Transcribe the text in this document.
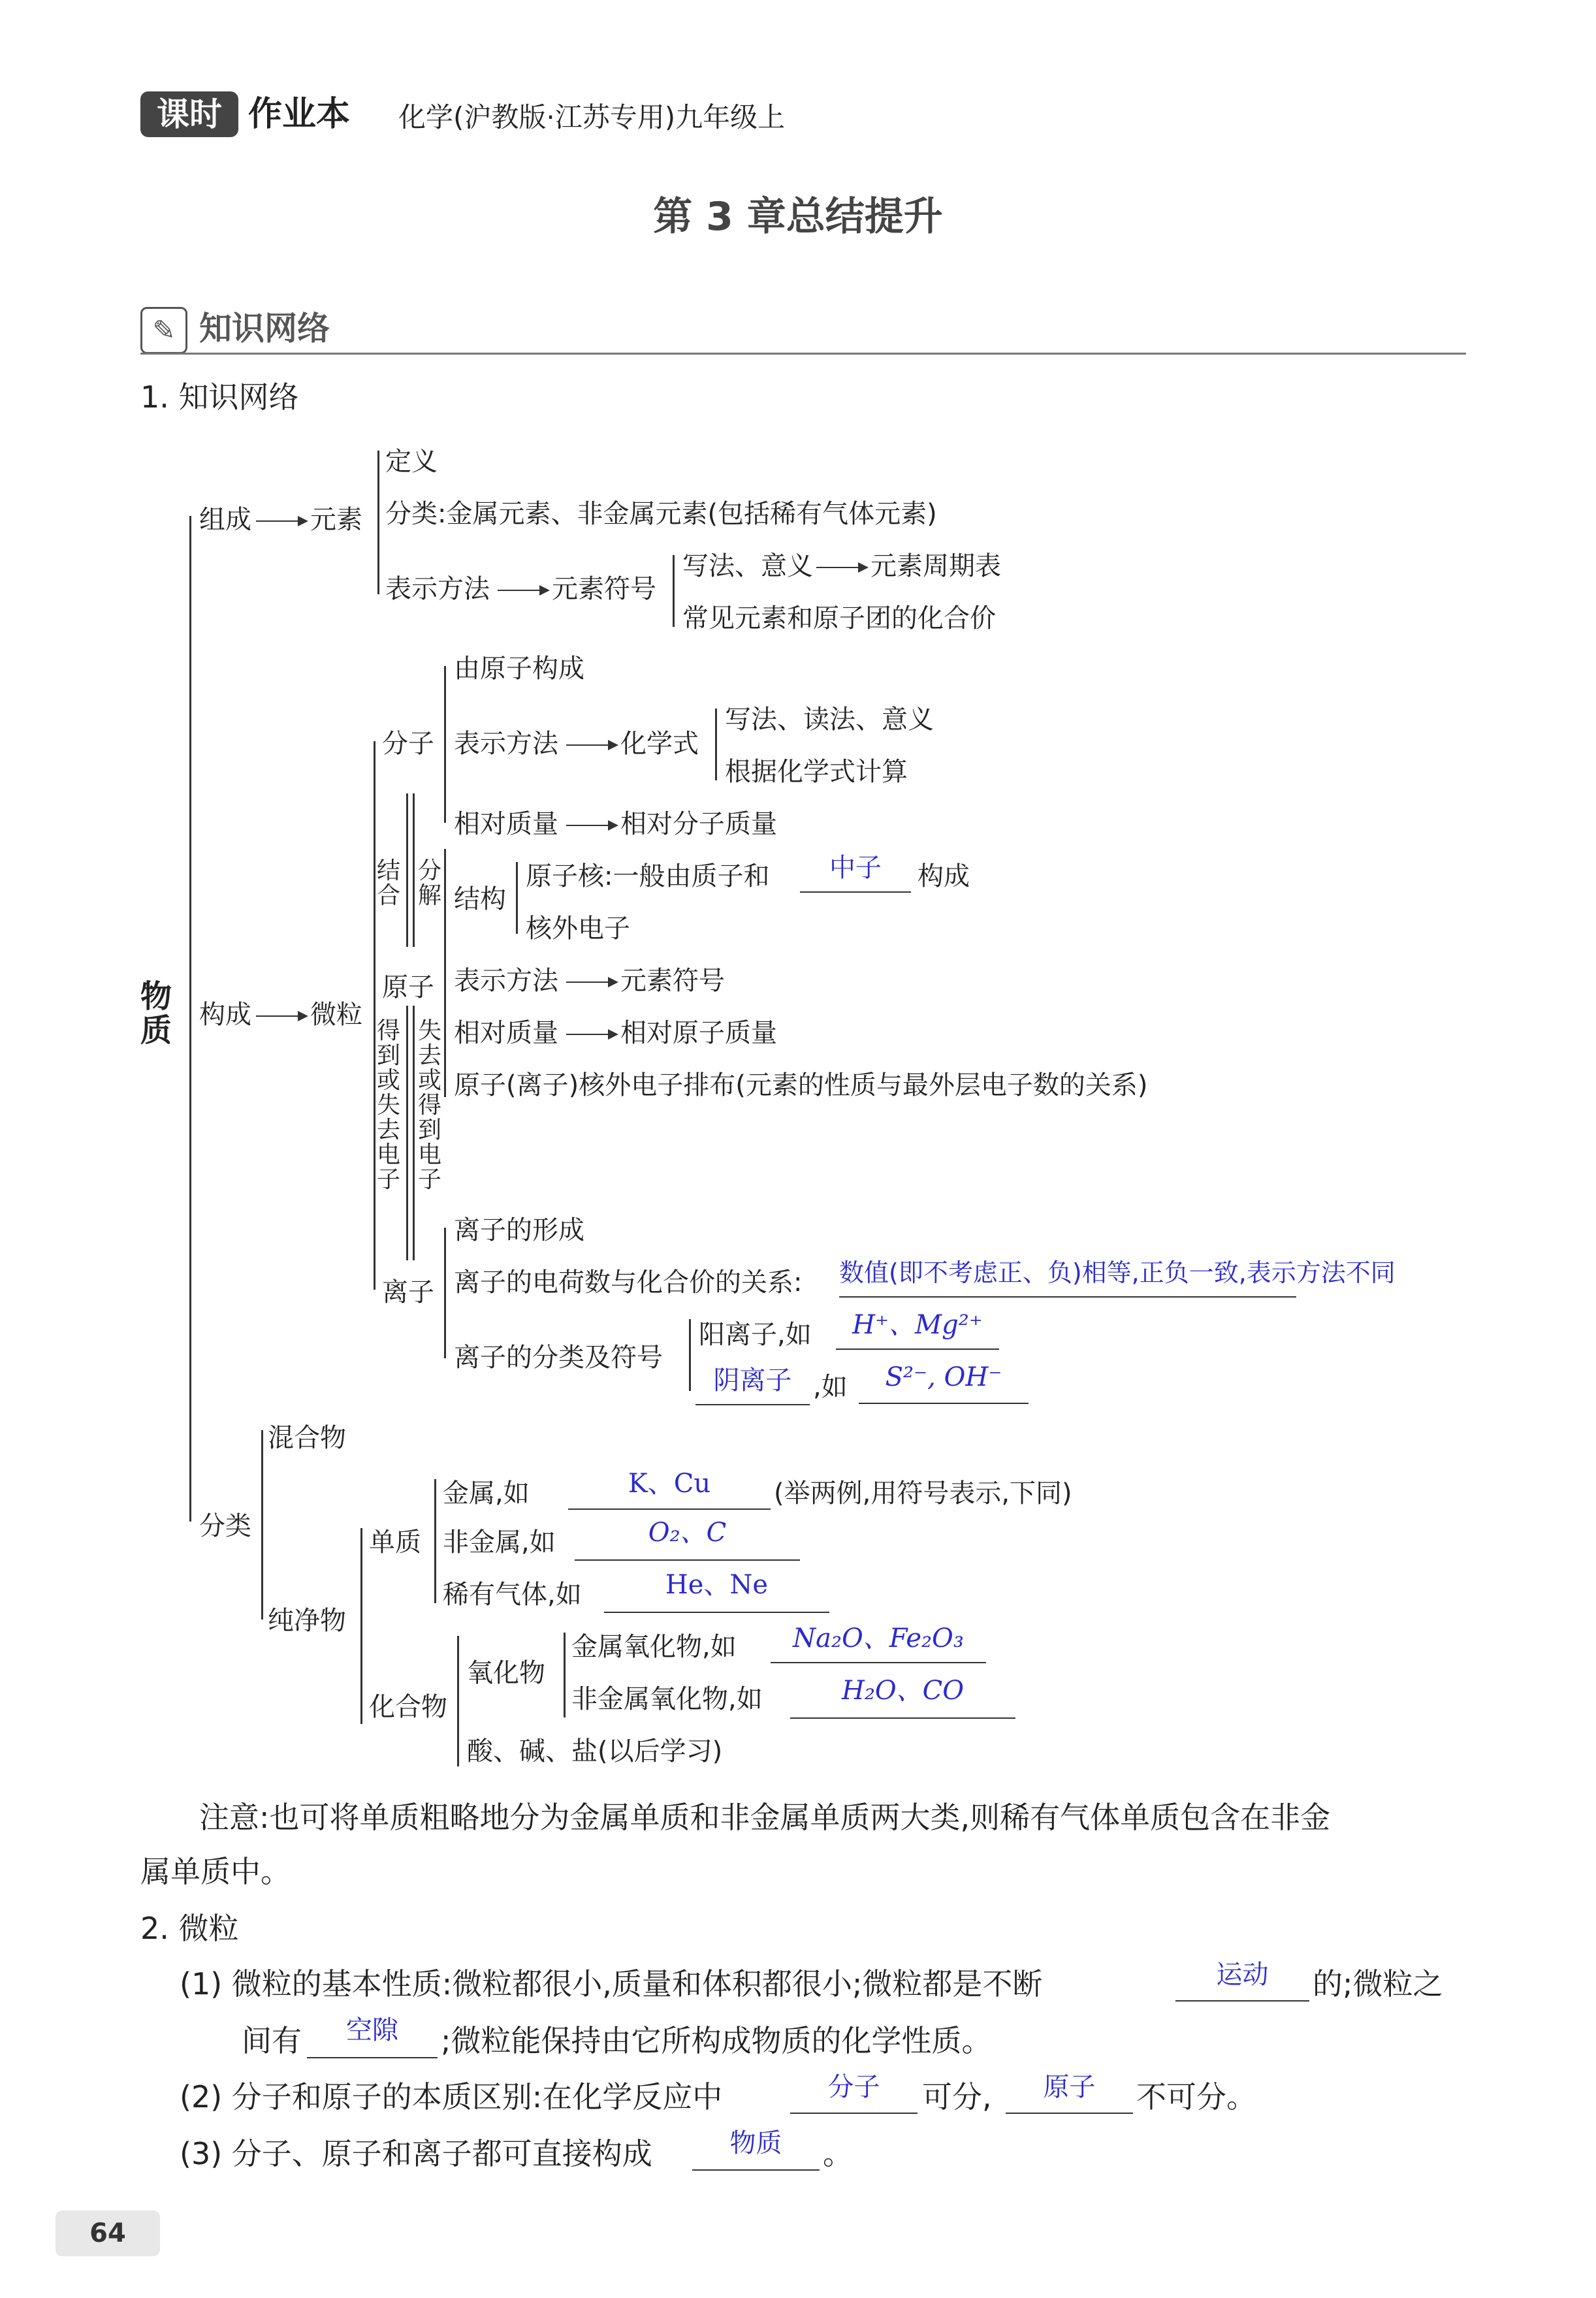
课时 作业本 化学(沪教版·江苏专用)九年级上
第 3 章总结提升
✎ 知识网络
1. 知识网络
物质
组成 元素
定义
分类:金属元素、非金属元素(包括稀有气体元素)
表示方法 元素符号
写法、意义 元素周期表
常见元素和原子团的化合价
构成 微粒
分子
由原子构成
表示方法 化学式
写法、读法、意义
根据化学式计算
相对质量 相对分子质量
结合
分解
原子
结构
原子核:一般由质子和	中子	构成
核外电子
表示方法 元素符号
相对质量 相对原子质量
原子(离子)核外电子排布(元素的性质与最外层电子数的关系)
得到或失去电子
失去或得到电子
离子
离子的形成
离子的电荷数与化合价的关系: 数值(即不考虑正、负)相等,正负一致,表示方法不同
离子的分类及符号
阳离子,如	H⁺、Mg²⁺
阴离子 ,如	S²⁻, OH⁻
分类
混合物
纯净物
单质
金属,如	K、Cu	(举两例,用符号表示,下同)
非金属,如	O₂、C
稀有气体,如	He、Ne
化合物
氧化物
金属氧化物,如	Na₂O、Fe₂O₃
非金属氧化物,如	H₂O、CO
酸、碱、盐(以后学习)
注意:也可将单质粗略地分为金属单质和非金属单质两大类,则稀有气体单质包含在非金
属单质中。
2. 微粒
(1) 微粒的基本性质:微粒都很小,质量和体积都很小;微粒都是不断	运动	的;微粒之
间有	空隙	;微粒能保持由它所构成物质的化学性质。
(2) 分子和原子的本质区别:在化学反应中	分子	可分,	原子	不可分。
(3) 分子、原子和离子都可直接构成	物质	。
64
